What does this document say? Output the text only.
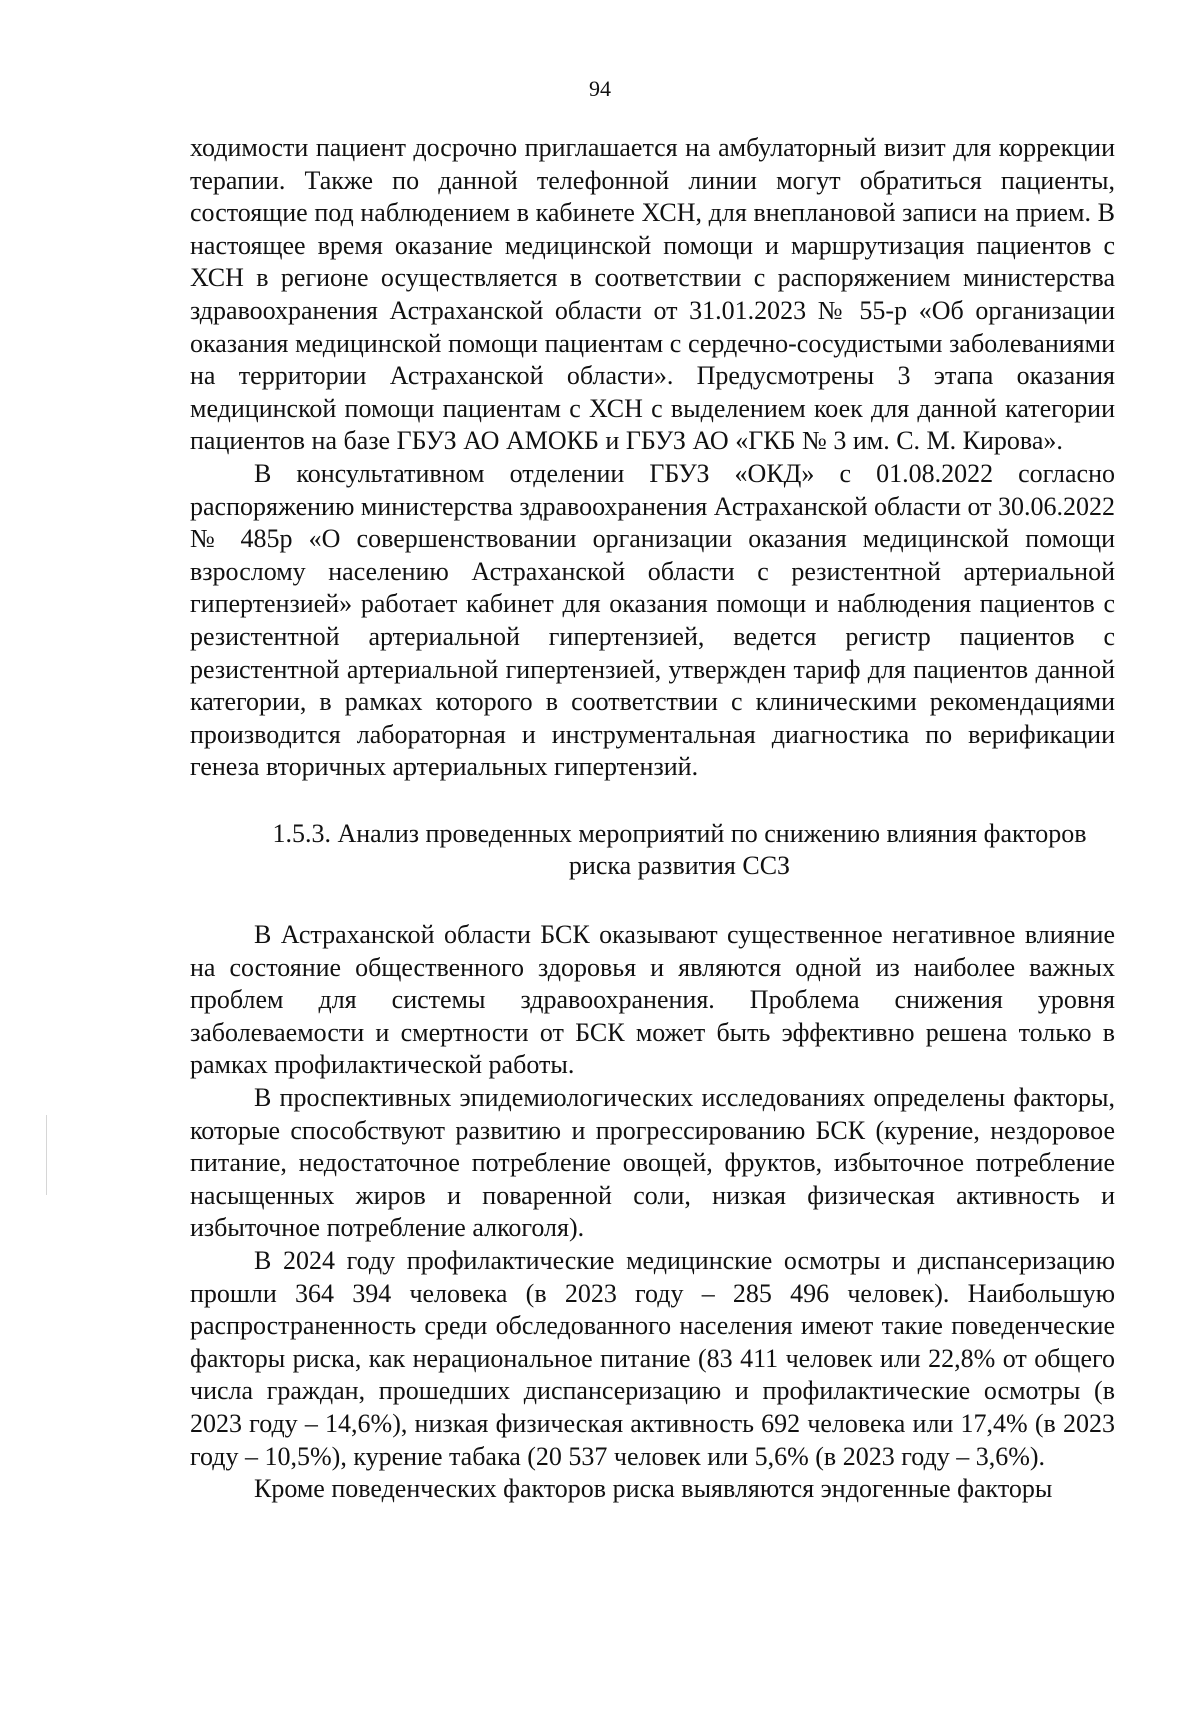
94

ходимости пациент досрочно приглашается на амбулаторный визит для коррекции терапии. Также по данной телефонной линии могут обратиться пациенты, состоящие под наблюдением в кабинете ХСН, для внеплановой записи на прием. В настоящее время оказание медицинской помощи и маршрутизация пациентов с ХСН в регионе осуществляется в соответствии с распоряжением министерства здравоохранения Астраханской области от 31.01.2023 № 55-р «Об организации оказания медицинской помощи пациентам с сердечно-сосудистыми заболеваниями на территории Астраханской области». Предусмотрены 3 этапа оказания медицинской помощи пациентам с ХСН с выделением коек для данной категории пациентов на базе ГБУЗ АО АМОКБ и ГБУЗ АО «ГКБ № 3 им. С. М. Кирова».

В консультативном отделении ГБУЗ «ОКД» с 01.08.2022 согласно распоряжению министерства здравоохранения Астраханской области от 30.06.2022 № 485р «О совершенствовании организации оказания медицинской помощи взрослому населению Астраханской области с резистентной артериальной гипертензией» работает кабинет для оказания помощи и наблюдения пациентов с резистентной артериальной гипертензией, ведется регистр пациентов с резистентной артериальной гипертензией, утвержден тариф для пациентов данной категории, в рамках которого в соответствии с клиническими рекомендациями производится лабораторная и инструментальная диагностика по верификации генеза вторичных артериальных гипертензий.

1.5.3. Анализ проведенных мероприятий по снижению влияния факторов
риска развития ССЗ

В Астраханской области БСК оказывают существенное негативное влияние на состояние общественного здоровья и являются одной из наиболее важных проблем для системы здравоохранения. Проблема снижения уровня заболеваемости и смертности от БСК может быть эффективно решена только в рамках профилактической работы.

В проспективных эпидемиологических исследованиях определены факторы, которые способствуют развитию и прогрессированию БСК (курение, нездоровое питание, недостаточное потребление овощей, фруктов, избыточное потребление насыщенных жиров и поваренной соли, низкая физическая активность и избыточное потребление алкоголя).

В 2024 году профилактические медицинские осмотры и диспансеризацию прошли 364 394 человека (в 2023 году – 285 496 человек). Наибольшую распространенность среди обследованного населения имеют такие поведенческие факторы риска, как нерациональное питание (83 411 человек или 22,8% от общего числа граждан, прошедших диспансеризацию и профилактические осмотры (в 2023 году – 14,6%), низкая физическая активность 692 человека или 17,4% (в 2023 году – 10,5%), курение табака (20 537 человек или 5,6% (в 2023 году – 3,6%).

Кроме поведенческих факторов риска выявляются эндогенные факторы
